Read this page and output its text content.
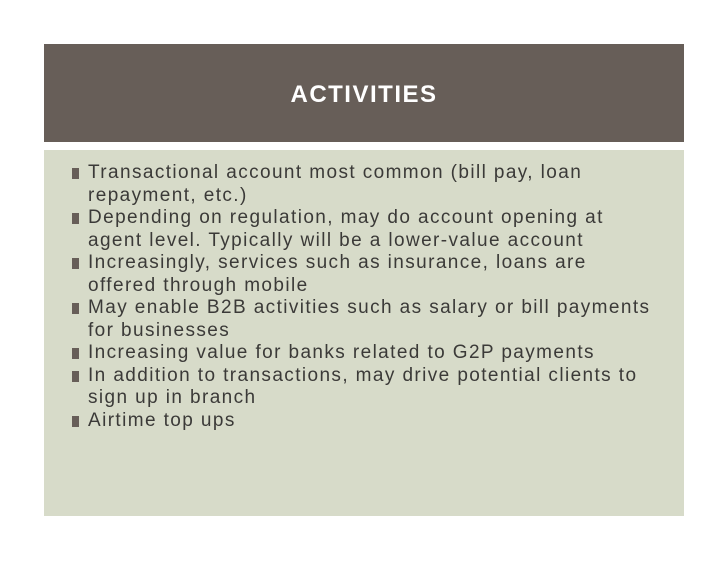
ACTIVITIES
Transactional account most common (bill pay, loan repayment, etc.)
Depending on regulation, may do account opening at agent level. Typically will be a lower-value account
Increasingly, services such as insurance, loans are offered through mobile
May enable B2B activities such as salary or bill payments for businesses
Increasing value for banks related to G2P payments
In addition to transactions, may drive potential clients to sign up in branch
Airtime top ups
